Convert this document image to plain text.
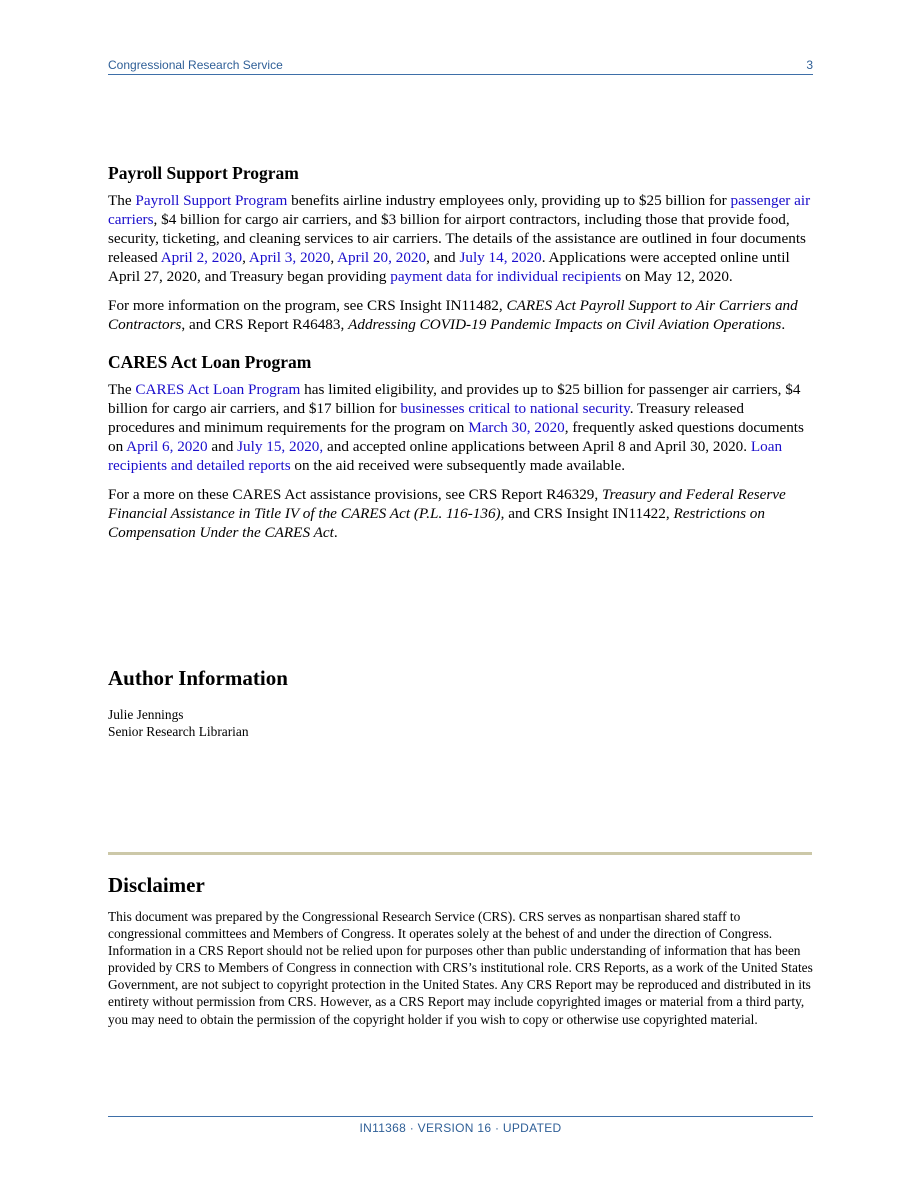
Congressional Research Service	3
Payroll Support Program

The Payroll Support Program benefits airline industry employees only, providing up to $25 billion for passenger air carriers, $4 billion for cargo air carriers, and $3 billion for airport contractors, including those that provide food, security, ticketing, and cleaning services to air carriers. The details of the assistance are outlined in four documents released April 2, 2020, April 3, 2020, April 20, 2020, and July 14, 2020. Applications were accepted online until April 27, 2020, and Treasury began providing payment data for individual recipients on May 12, 2020.

For more information on the program, see CRS Insight IN11482, CARES Act Payroll Support to Air Carriers and Contractors, and CRS Report R46483, Addressing COVID-19 Pandemic Impacts on Civil Aviation Operations.

CARES Act Loan Program

The CARES Act Loan Program has limited eligibility, and provides up to $25 billion for passenger air carriers, $4 billion for cargo air carriers, and $17 billion for businesses critical to national security. Treasury released procedures and minimum requirements for the program on March 30, 2020, frequently asked questions documents on April 6, 2020 and July 15, 2020, and accepted online applications between April 8 and April 30, 2020. Loan recipients and detailed reports on the aid received were subsequently made available.

For a more on these CARES Act assistance provisions, see CRS Report R46329, Treasury and Federal Reserve Financial Assistance in Title IV of the CARES Act (P.L. 116-136), and CRS Insight IN11422, Restrictions on Compensation Under the CARES Act.

Author Information
Julie Jennings
Senior Research Librarian
Disclaimer

This document was prepared by the Congressional Research Service (CRS). CRS serves as nonpartisan shared staff to congressional committees and Members of Congress. It operates solely at the behest of and under the direction of Congress. Information in a CRS Report should not be relied upon for purposes other than public understanding of information that has been provided by CRS to Members of Congress in connection with CRS’s institutional role. CRS Reports, as a work of the United States Government, are not subject to copyright protection in the United States. Any CRS Report may be reproduced and distributed in its entirety without permission from CRS. However, as a CRS Report may include copyrighted images or material from a third party, you may need to obtain the permission of the copyright holder if you wish to copy or otherwise use copyrighted material.

IN11368 · VERSION 16 · UPDATED
